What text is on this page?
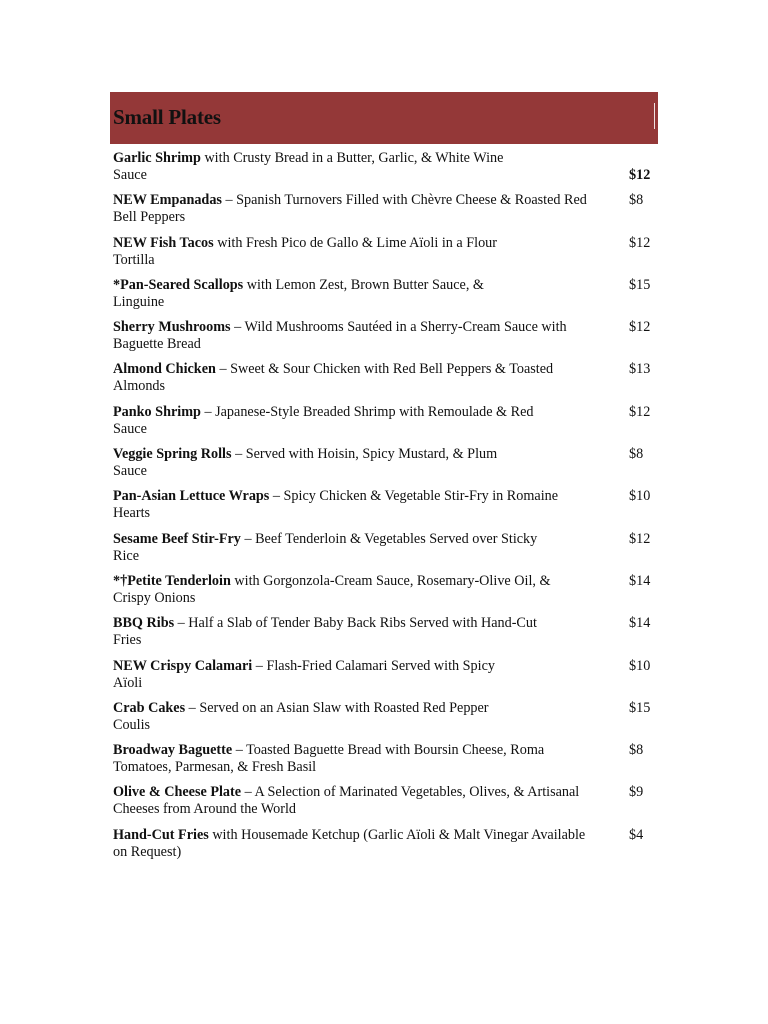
Small Plates
Garlic Shrimp with Crusty Bread in a Butter, Garlic, & White Wine
Sauce	$12
NEW Empanadas – Spanish Turnovers Filled with Chèvre Cheese & Roasted Red
Bell Peppers
$8
NEW Fish Tacos with Fresh Pico de Gallo & Lime Aïoli in a Flour
Tortilla
$12
*Pan-Seared Scallops with Lemon Zest, Brown Butter Sauce, &
Linguine
$15
Sherry Mushrooms – Wild Mushrooms Sautéed in a Sherry-Cream Sauce with
Baguette Bread
$12
Almond Chicken – Sweet & Sour Chicken with Red Bell Peppers & Toasted
Almonds
$13
Panko Shrimp – Japanese-Style Breaded Shrimp with Remoulade & Red
Sauce
$12
Veggie Spring Rolls – Served with Hoisin, Spicy Mustard, & Plum
Sauce
$8
Pan-Asian Lettuce Wraps – Spicy Chicken & Vegetable Stir-Fry in Romaine
Hearts
$10
Sesame Beef Stir-Fry – Beef Tenderloin & Vegetables Served over Sticky
Rice
$12
*†Petite Tenderloin with Gorgonzola-Cream Sauce, Rosemary-Olive Oil, &
Crispy Onions
$14
BBQ Ribs – Half a Slab of Tender Baby Back Ribs Served with Hand-Cut
Fries
$14
NEW Crispy Calamari – Flash-Fried Calamari Served with Spicy
Aïoli
$10
Crab Cakes – Served on an Asian Slaw with Roasted Red Pepper
Coulis
$15
Broadway Baguette – Toasted Baguette Bread with Boursin Cheese, Roma
Tomatoes, Parmesan, & Fresh Basil
$8
Olive & Cheese Plate – A Selection of Marinated Vegetables, Olives, & Artisanal
Cheeses from Around the World
$9
Hand-Cut Fries with Housemade Ketchup (Garlic Aïoli & Malt Vinegar Available
on Request)
$4
